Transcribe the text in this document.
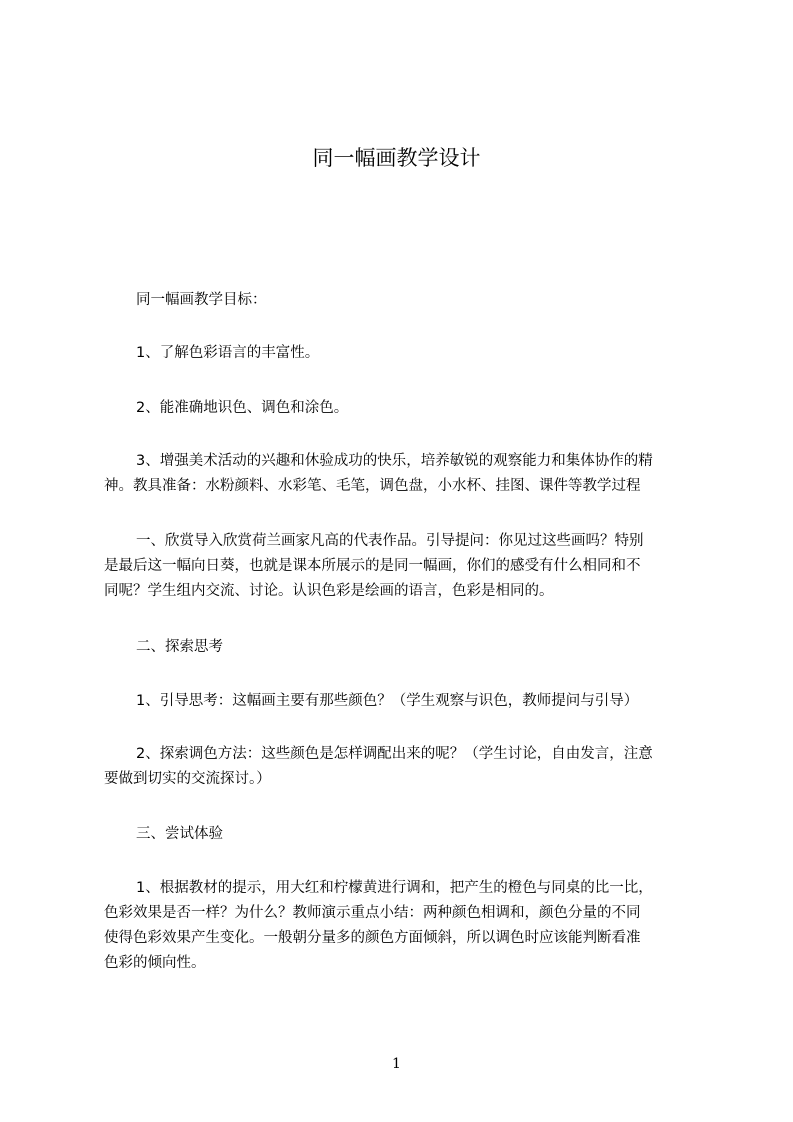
同一幅画教学设计

同一幅画教学目标：

1、了解色彩语言的丰富性。

2、能准确地识色、调色和涂色。

3、增强美术活动的兴趣和休验成功的快乐，培养敏锐的观察能力和集体协作的精
神。教具准备：水粉颜料、水彩笔、毛笔，调色盘，小水杯、挂图、课件等教学过程

一、欣赏导入欣赏荷兰画家凡高的代表作品。引导提问：你见过这些画吗？特别
是最后这一幅向日葵，也就是课本所展示的是同一幅画，你们的感受有什么相同和不
同呢？学生组内交流、讨论。认识色彩是绘画的语言，色彩是相同的。

二、探索思考

1、引导思考：这幅画主要有那些颜色？（学生观察与识色，教师提问与引导）

2、探索调色方法：这些颜色是怎样调配出来的呢？（学生讨论，自由发言，注意
要做到切实的交流探讨。）

三、尝试体验

1、根据教材的提示，用大红和柠檬黄进行调和，把产生的橙色与同桌的比一比，
色彩效果是否一样？为什么？教师演示重点小结：两种颜色相调和，颜色分量的不同
使得色彩效果产生变化。一般朝分量多的颜色方面倾斜，所以调色时应该能判断看准
色彩的倾向性。

1
